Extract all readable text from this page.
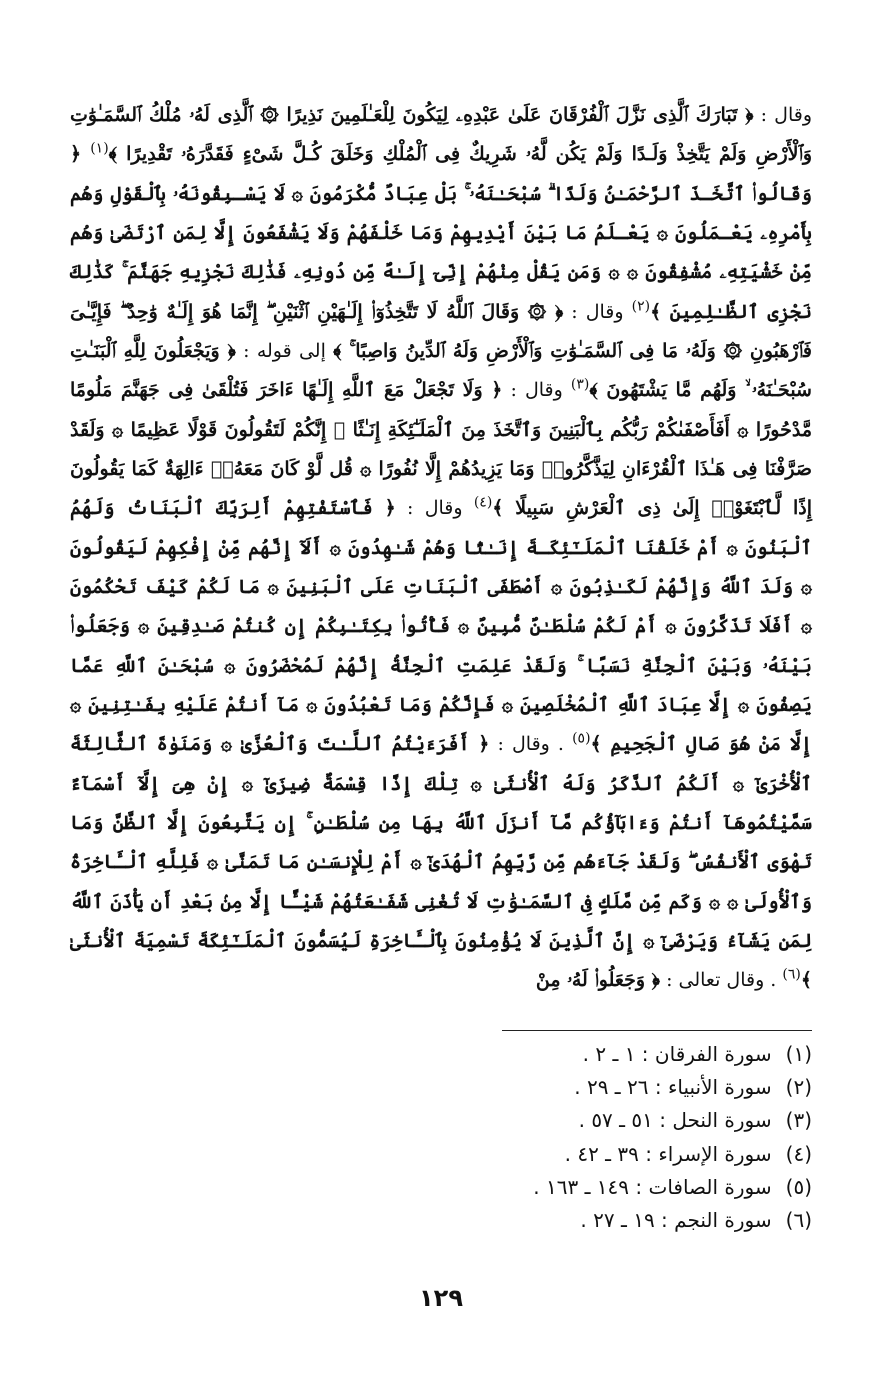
وقال : ﴿ تَبَارَكَ ٱلَّذِى نَزَّلَ ٱلْفُرْقَانَ عَلَىٰ عَبْدِهِۦ لِيَكُونَ لِلْعَـٰلَمِينَ نَذِيرًا ۞ ٱلَّذِى لَهُۥ مُلْكُ ٱلسَّمَـٰوَٰتِ وَٱلْأَرْضِ وَلَمْ يَتَّخِذْ وَلَـدًا وَلَمْ يَكُن لَّهُۥ شَرِيكٌ فِى ٱلْمُلْكِ وَخَلَقَ كُـلَّ شَىْءٍ فَقَدَّرَهُۥ تَقْدِيرًا ﴾$^{(١)}$ ﴿ وَقَالُوا۟ ٱتَّخَـذَ ٱلرَّحْمَـٰنُ وَلَدًا ۗ سُبْحَـٰنَهُۥ ۚ بَلْ عِبَادٌ مُّكْرَمُونَ ۞ لَا يَسْـبِقُونَهُۥ بِٱلْقَوْلِ وَهُم بِأَمْرِهِۦ يَعْـمَلُونَ ۞ يَعْـلَمُ مَا بَيْنَ أَيْدِيهِمْ وَمَا خَلْفَهُمْ وَلَا يَشْفَعُونَ إِلَّا لِمَنِ ٱرْتَضَىٰ وَهُم مِّنْ خَشْيَتِهِۦ مُشْفِقُونَ ۞ ۞ وَمَن يَقُلْ مِنْهُمْ إِنِّىٓ إِلَـٰهٌ مِّن دُونِهِۦ فَذَٰلِكَ نَجْزِيهِ جَهَنَّمَ ۚ كَذَٰلِكَ نَجْزِى ٱلظَّـٰلِمِينَ ﴾$^{(٢)}$ وقال : ﴿ ۞ وَقَالَ ٱللَّهُ لَا تَتَّخِذُوٓا۟ إِلَـٰهَيْنِ ٱثْنَيْنِ ۖ إِنَّمَا هُوَ إِلَـٰهٌ وَٰحِدٌ ۖ فَإِيَّـٰىَ فَٱرْهَبُونِ ۞ وَلَهُۥ مَا فِى ٱلسَّمَـٰوَٰتِ وَٱلْأَرْضِ وَلَهُ ٱلدِّينُ وَاصِبًا ۚ ﴾ إلى قوله : ﴿ وَيَجْعَلُونَ لِلَّهِ ٱلْبَنَـٰتِ سُبْحَـٰنَهُۥ ۙ وَلَهُم مَّا يَشْتَهُونَ ﴾$^{(٣)}$ وقال : ﴿ وَلَا تَجْعَلْ مَعَ ٱللَّهِ إِلَـٰهًا ءَاخَرَ فَتُلْقَىٰ فِى جَهَنَّمَ مَلُومًا مَّدْحُورًا ۞ أَفَأَصْفَىٰكُمْ رَبُّكُم بِٱلْبَنِينَ وَٱتَّخَذَ مِنَ ٱلْمَلَـٰٓئِكَةِ إِنَـٰثًا ۚ إِنَّكُمْ لَتَقُولُونَ قَوْلًا عَظِيمًا ۞ وَلَقَدْ صَرَّفْنَا فِى هَـٰذَا ٱلْقُرْءَانِ لِيَذَّكَّرُوا۟ وَمَا يَزِيدُهُمْ إِلَّا نُفُورًا ۞ قُل لَّوْ كَانَ مَعَهُۥٓ ءَالِهَةٌ كَمَا يَقُولُونَ إِذًا لَّٱبْتَغَوْا۟ إِلَىٰ ذِى ٱلْعَرْشِ سَبِيلًا ﴾$^{(٤)}$ وقال : ﴿ فَٱسْتَفْتِهِمْ أَلِرَبِّكَ ٱلْبَنَاتُ وَلَهُمُ ٱلْبَنُونَ ۞ أَمْ خَلَقْنَا ٱلْمَلَـٰٓئِكَـةَ إِنَـٰثًا وَهُمْ شَـٰهِدُونَ ۞ أَلَآ إِنَّهُم مِّنْ إِفْكِهِمْ لَيَقُولُونَ ۞ وَلَدَ ٱللَّهُ وَإِنَّهُمْ لَكَـٰذِبُونَ ۞ أَصْطَفَى ٱلْبَنَاتِ عَلَى ٱلْبَنِينَ ۞ مَا لَكُمْ كَيْفَ تَحْكُمُونَ ۞ أَفَلَا تَذَكَّرُونَ ۞ أَمْ لَكُمْ سُلْطَـٰنٌ مُّبِينٌ ۞ فَأْتُوا۟ بِكِتَـٰبِكُمْ إِن كُنتُمْ صَـٰدِقِينَ ۞ وَجَعَلُوا۟ بَيْنَهُۥ وَبَيْنَ ٱلْجِنَّةِ نَسَبًا ۚ وَلَقَدْ عَلِمَتِ ٱلْجِنَّةُ إِنَّهُمْ لَمُحْضَرُونَ ۞ سُبْحَـٰنَ ٱللَّهِ عَمَّا يَصِفُونَ ۞ إِلَّا عِبَادَ ٱللَّهِ ٱلْمُخْلَصِينَ ۞ فَإِنَّكُمْ وَمَا تَعْبُدُونَ ۞ مَآ أَنتُمْ عَلَيْهِ بِفَـٰتِنِينَ ۞ إِلَّا مَنْ هُوَ صَالِ ٱلْجَحِيمِ ﴾$^{(٥)}$ . وقال : ﴿ أَفَرَءَيْتُمُ ٱللَّـٰتَ وَٱلْعُزَّىٰ ۞ وَمَنَوٰةَ ٱلثَّالِثَةَ ٱلْأُخْرَىٰٓ ۞ أَلَكُمُ ٱلذَّكَرُ وَلَهُ ٱلْأُنثَىٰ ۞ تِلْكَ إِذًا قِسْمَةٌ ضِيزَىٰٓ ۞ إِنْ هِىَ إِلَّآ أَسْمَآءٌ سَمَّيْتُمُوهَآ أَنتُمْ وَءَابَآؤُكُم مَّآ أَنزَلَ ٱللَّهُ بِهَا مِن سُلْطَـٰنٍ ۚ إِن يَتَّبِعُونَ إِلَّا ٱلظَّنَّ وَمَا تَهْوَى ٱلْأَنفُسُ ۖ وَلَقَدْ جَآءَهُم مِّن رَّبِّهِمُ ٱلْهُدَىٰٓ ۞ أَمْ لِلْإِنسَـٰنِ مَا تَمَنَّىٰ ۞ فَلِلَّهِ ٱلْـَٔاخِرَةُ وَٱلْأُولَىٰ ۞ ۞ وَكَم مِّن مَّلَكٍ فِى ٱلسَّمَـٰوَٰتِ لَا تُغْنِى شَفَـٰعَتُهُمْ شَيْـًٔا إِلَّا مِنۢ بَعْدِ أَن يَأْذَنَ ٱللَّهُ لِمَن يَشَآءُ وَيَرْضَىٰٓ ۞ إِنَّ ٱلَّذِينَ لَا يُؤْمِنُونَ بِٱلْـَٔاخِرَةِ لَيُسَمُّونَ ٱلْمَلَـٰٓئِكَةَ تَسْمِيَةَ ٱلْأُنثَىٰ ﴾$^{(٦)}$ . وقال تعالى : ﴿ وَجَعَلُوا۟ لَهُۥ مِنْ

(١) سورة الفرقان : ١ ـ ٢ .
(٢) سورة الأنبياء : ٢٦ ـ ٢٩ .
(٣) سورة النحل : ٥١ ـ ٥٧ .
(٤) سورة الإسراء : ٣٩ ـ ٤٢ .
(٥) سورة الصافات : ١٤٩ ـ ١٦٣ .
(٦) سورة النجم : ١٩ ـ ٢٧ .
١٢٩
